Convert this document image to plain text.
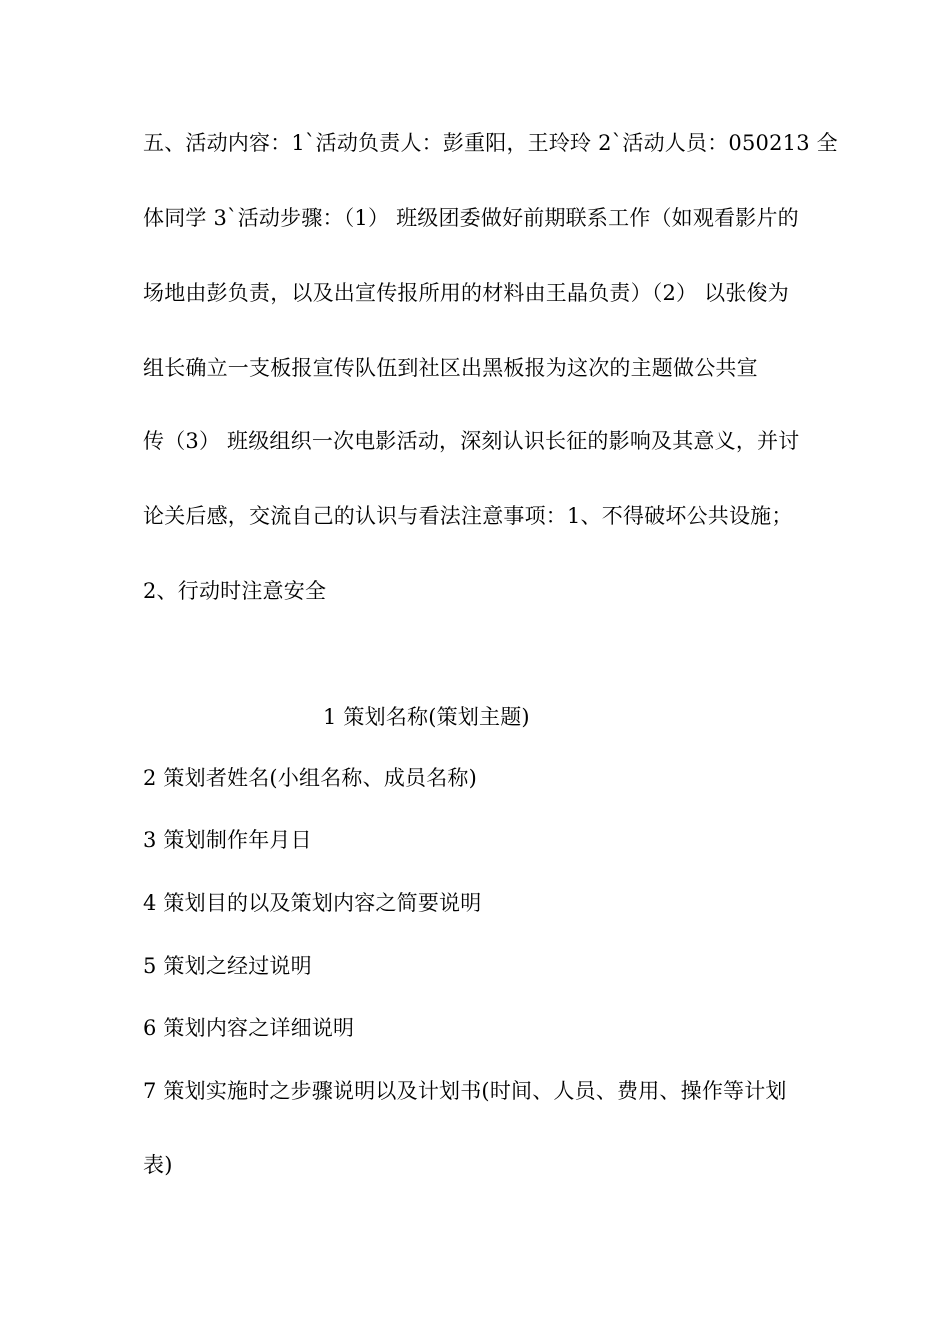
五、活动内容：1`活动负责人：彭重阳，王玲玲 2`活动人员：050213 全
体同学 3`活动步骤：（1） 班级团委做好前期联系工作（如观看影片的
场地由彭负责，以及出宣传报所用的材料由王晶负责）（2） 以张俊为
组长确立一支板报宣传队伍到社区出黑板报为这次的主题做公共宣
传（3） 班级组织一次电影活动，深刻认识长征的影响及其意义，并讨
论关后感，交流自己的认识与看法注意事项：1、不得破坏公共设施；
2、行动时注意安全
1 策划名称(策划主题)
2 策划者姓名(小组名称、成员名称)
3 策划制作年月日
4 策划目的以及策划内容之简要说明
5 策划之经过说明
6 策划内容之详细说明
7 策划实施时之步骤说明以及计划书(时间、人员、费用、操作等计划
表)
